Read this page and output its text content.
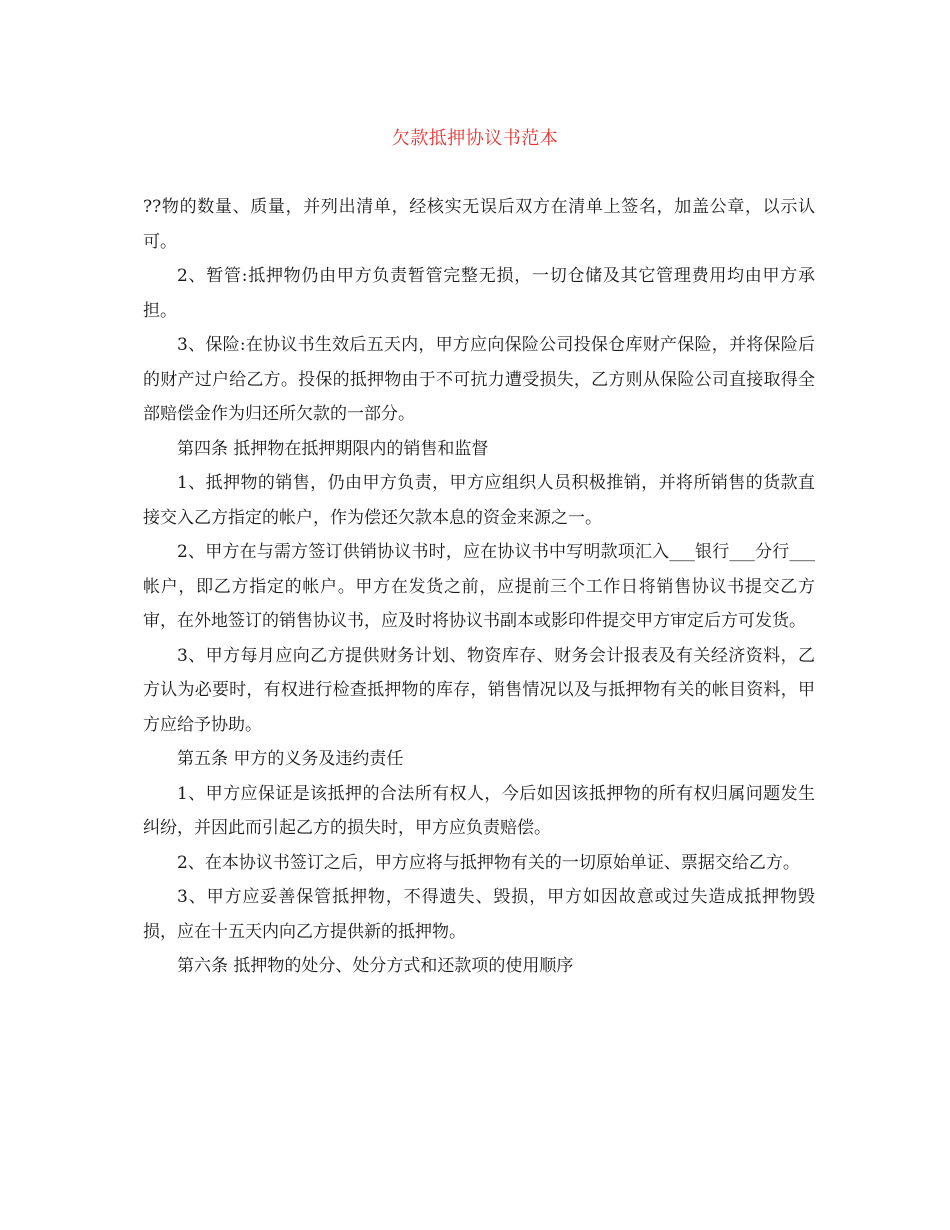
欠款抵押协议书范本

??物的数量、质量，并列出清单，经核实无误后双方在清单上签名，加盖公章，以示认可。

2、暂管:抵押物仍由甲方负责暂管完整无损，一切仓储及其它管理费用均由甲方承担。

3、保险:在协议书生效后五天内，甲方应向保险公司投保仓库财产保险，并将保险后的财产过户给乙方。投保的抵押物由于不可抗力遭受损失，乙方则从保险公司直接取得全部赔偿金作为归还所欠款的一部分。

第四条 抵押物在抵押期限内的销售和监督

1、抵押物的销售，仍由甲方负责，甲方应组织人员积极推销，并将所销售的货款直接交入乙方指定的帐户，作为偿还欠款本息的资金来源之一。

2、甲方在与需方签订供销协议书时，应在协议书中写明款项汇入___银行___分行___帐户，即乙方指定的帐户。甲方在发货之前，应提前三个工作日将销售协议书提交乙方审，在外地签订的销售协议书，应及时将协议书副本或影印件提交甲方审定后方可发货。

3、甲方每月应向乙方提供财务计划、物资库存、财务会计报表及有关经济资料，乙方认为必要时，有权进行检查抵押物的库存，销售情况以及与抵押物有关的帐目资料，甲方应给予协助。

第五条 甲方的义务及违约责任

1、甲方应保证是该抵押的合法所有权人，今后如因该抵押物的所有权归属问题发生纠纷，并因此而引起乙方的损失时，甲方应负责赔偿。

2、在本协议书签订之后，甲方应将与抵押物有关的一切原始单证、票据交给乙方。

3、甲方应妥善保管抵押物，不得遗失、毁损，甲方如因故意或过失造成抵押物毁损，应在十五天内向乙方提供新的抵押物。

第六条 抵押物的处分、处分方式和还款项的使用顺序
